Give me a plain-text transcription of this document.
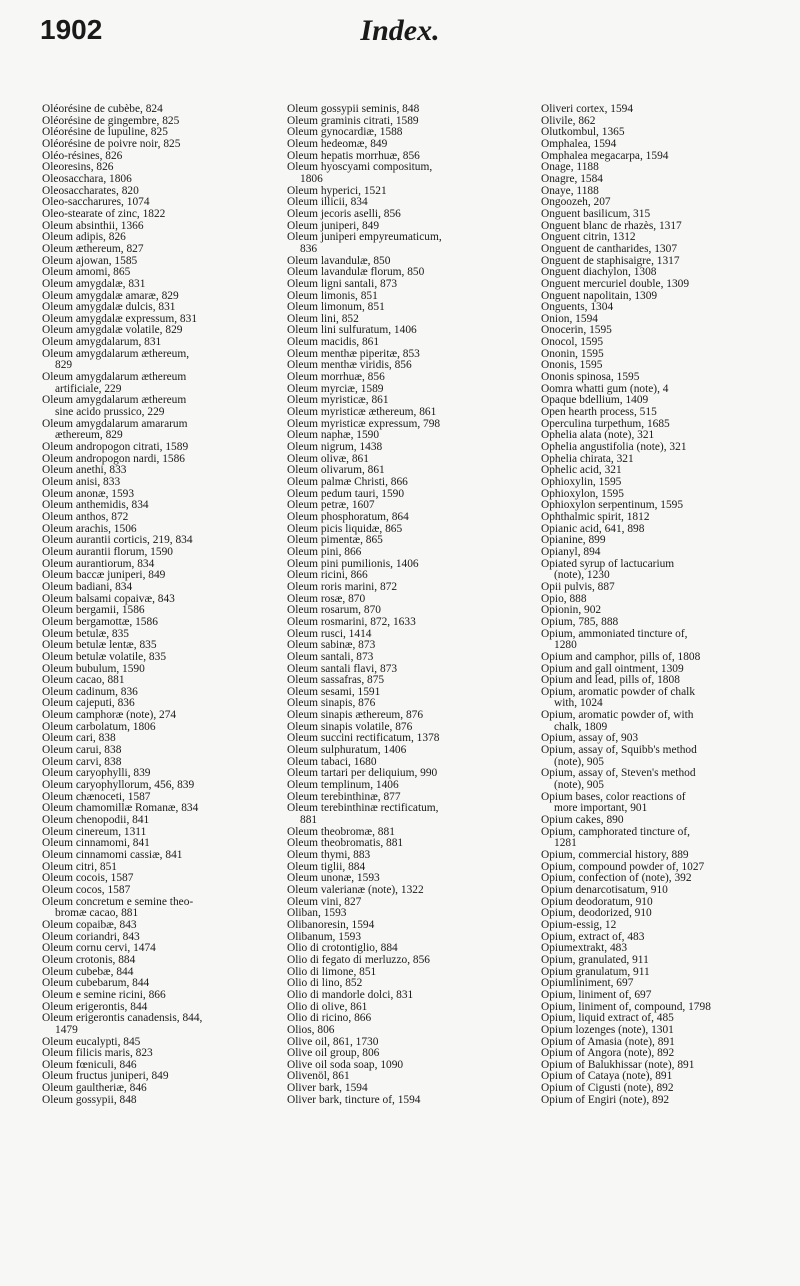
1902	Index.
Oléorésine de cubèbe, 824
Oléorésine de gingembre, 825
Oléorésine de lupuline, 825
Oléorésine de poivre noir, 825
Oléo-résines, 826
Oleoresins, 826
Oleosacchara, 1806
Oleosaccharates, 820
Oleo-saccharures, 1074
Oleo-stearate of zinc, 1822
Oleum absinthii, 1366
Oleum adipis, 826
Oleum æthereum, 827
Oleum ajowan, 1585
Oleum amomi, 865
Oleum amygdalæ, 831
Oleum amygdalæ amaræ, 829
Oleum amygdalæ dulcis, 831
Oleum amygdalæ expressum, 831
Oleum amygdalæ volatile, 829
Oleum amygdalarum, 831
Oleum amygdalarum æthereum,
829
Oleum amygdalarum æthereum
artificiale, 229
Oleum amygdalarum æthereum
sine acido prussico, 229
Oleum amygdalarum amararum
æthereum, 829
Oleum andropogon citrati, 1589
Oleum andropogon nardi, 1586
Oleum anethi, 833
Oleum anisi, 833
Oleum anonæ, 1593
Oleum anthemidis, 834
Oleum anthos, 872
Oleum arachis, 1506
Oleum aurantii corticis, 219, 834
Oleum aurantii florum, 1590
Oleum aurantiorum, 834
Oleum baccæ juniperi, 849
Oleum badiani, 834
Oleum balsami copaivæ, 843
Oleum bergamii, 1586
Oleum bergamottæ, 1586
Oleum betulæ, 835
Oleum betulæ lentæ, 835
Oleum betulæ volatile, 835
Oleum bubulum, 1590
Oleum cacao, 881
Oleum cadinum, 836
Oleum cajeputi, 836
Oleum camphoræ (note), 274
Oleum carbolatum, 1806
Oleum cari, 838
Oleum carui, 838
Oleum carvi, 838
Oleum caryophylli, 839
Oleum caryophyllorum, 456, 839
Oleum chænoceti, 1587
Oleum chamomillæ Romanæ, 834
Oleum chenopodii, 841
Oleum cinereum, 1311
Oleum cinnamomi, 841
Oleum cinnamomi cassiæ, 841
Oleum citri, 851
Oleum cocois, 1587
Oleum cocos, 1587
Oleum concretum e semine theo-
bromæ cacao, 881
Oleum copaibæ, 843
Oleum coriandri, 843
Oleum cornu cervi, 1474
Oleum crotonis, 884
Oleum cubebæ, 844
Oleum cubebarum, 844
Oleum e semine ricini, 866
Oleum erigerontis, 844
Oleum erigerontis canadensis, 844,
1479
Oleum eucalypti, 845
Oleum filicis maris, 823
Oleum fœniculi, 846
Oleum fructus juniperi, 849
Oleum gaultheriæ, 846
Oleum gossypii, 848
Oleum gossypii seminis, 848
Oleum graminis citrati, 1589
Oleum gynocardiæ, 1588
Oleum hedeomæ, 849
Oleum hepatis morrhuæ, 856
Oleum hyoscyami compositum,
1806
Oleum hyperici, 1521
Oleum illicii, 834
Oleum jecoris aselli, 856
Oleum juniperi, 849
Oleum juniperi empyreumaticum,
836
Oleum lavandulæ, 850
Oleum lavandulæ florum, 850
Oleum ligni santali, 873
Oleum limonis, 851
Oleum limonum, 851
Oleum lini, 852
Oleum lini sulfuratum, 1406
Oleum macidis, 861
Oleum menthæ piperitæ, 853
Oleum menthæ viridis, 856
Oleum morrhuæ, 856
Oleum myrciæ, 1589
Oleum myristicæ, 861
Oleum myristicæ æthereum, 861
Oleum myristicæ expressum, 798
Oleum naphæ, 1590
Oleum nigrum, 1438
Oleum olivæ, 861
Oleum olivarum, 861
Oleum palmæ Christi, 866
Oleum pedum tauri, 1590
Oleum petræ, 1607
Oleum phosphoratum, 864
Oleum picis liquidæ, 865
Oleum pimentæ, 865
Oleum pini, 866
Oleum pini pumilionis, 1406
Oleum ricini, 866
Oleum roris marini, 872
Oleum rosæ, 870
Oleum rosarum, 870
Oleum rosmarini, 872, 1633
Oleum rusci, 1414
Oleum sabinæ, 873
Oleum santali, 873
Oleum santali flavi, 873
Oleum sassafras, 875
Oleum sesami, 1591
Oleum sinapis, 876
Oleum sinapis æthereum, 876
Oleum sinapis volatile, 876
Oleum succini rectificatum, 1378
Oleum sulphuratum, 1406
Oleum tabaci, 1680
Oleum tartari per deliquium, 990
Oleum templinum, 1406
Oleum terebinthinæ, 877
Oleum terebinthinæ rectificatum,
881
Oleum theobromæ, 881
Oleum theobromatis, 881
Oleum thymi, 883
Oleum tiglii, 884
Oleum unonæ, 1593
Oleum valerianæ (note), 1322
Oleum vini, 827
Oliban, 1593
Olibanoresin, 1594
Olibanum, 1593
Olio di crotontiglio, 884
Olio di fegato di merluzzo, 856
Olio di limone, 851
Olio di lino, 852
Olio di mandorle dolci, 831
Olio di olive, 861
Olio di ricino, 866
Olios, 806
Olive oil, 861, 1730
Olive oil group, 806
Olive oil soda soap, 1090
Olivenöl, 861
Oliver bark, 1594
Oliver bark, tincture of, 1594
Oliveri cortex, 1594
Olivile, 862
Olutkombul, 1365
Omphalea, 1594
Omphalea megacarpa, 1594
Onage, 1188
Onagre, 1584
Onaye, 1188
Ongoozeh, 207
Onguent basilicum, 315
Onguent blanc de rhazès, 1317
Onguent citrin, 1312
Onguent de cantharides, 1307
Onguent de staphisaigre, 1317
Onguent diachylon, 1308
Onguent mercuriel double, 1309
Onguent napolitain, 1309
Onguents, 1304
Onion, 1594
Onocerin, 1595
Onocol, 1595
Ononin, 1595
Ononis, 1595
Ononis spinosa, 1595
Oomra whatti gum (note), 4
Opaque bdellium, 1409
Open hearth process, 515
Operculina turpethum, 1685
Ophelia alata (note), 321
Ophelia angustifolia (note), 321
Ophelia chirata, 321
Ophelic acid, 321
Ophioxylin, 1595
Ophioxylon, 1595
Ophioxylon serpentinum, 1595
Ophthalmic spirit, 1812
Opianic acid, 641, 898
Opianine, 899
Opianyl, 894
Opiated syrup of lactucarium
(note), 1230
Opii pulvis, 887
Opio, 888
Opionin, 902
Opium, 785, 888
Opium, ammoniated tincture of,
1280
Opium and camphor, pills of, 1808
Opium and gall ointment, 1309
Opium and lead, pills of, 1808
Opium, aromatic powder of chalk
with, 1024
Opium, aromatic powder of, with
chalk, 1809
Opium, assay of, 903
Opium, assay of, Squibb's method
(note), 905
Opium, assay of, Steven's method
(note), 905
Opium bases, color reactions of
more important, 901
Opium cakes, 890
Opium, camphorated tincture of,
1281
Opium, commercial history, 889
Opium, compound powder of, 1027
Opium, confection of (note), 392
Opium denarcotisatum, 910
Opium deodoratum, 910
Opium, deodorized, 910
Opium-essig, 12
Opium, extract of, 483
Opiumextrakt, 483
Opium, granulated, 911
Opium granulatum, 911
Opiumliniment, 697
Opium, liniment of, 697
Opium, liniment of, compound, 1798
Opium, liquid extract of, 485
Opium lozenges (note), 1301
Opium of Amasia (note), 891
Opium of Angora (note), 892
Opium of Balukhissar (note), 891
Opium of Cataya (note), 891
Opium of Cigusti (note), 892
Opium of Engiri (note), 892
